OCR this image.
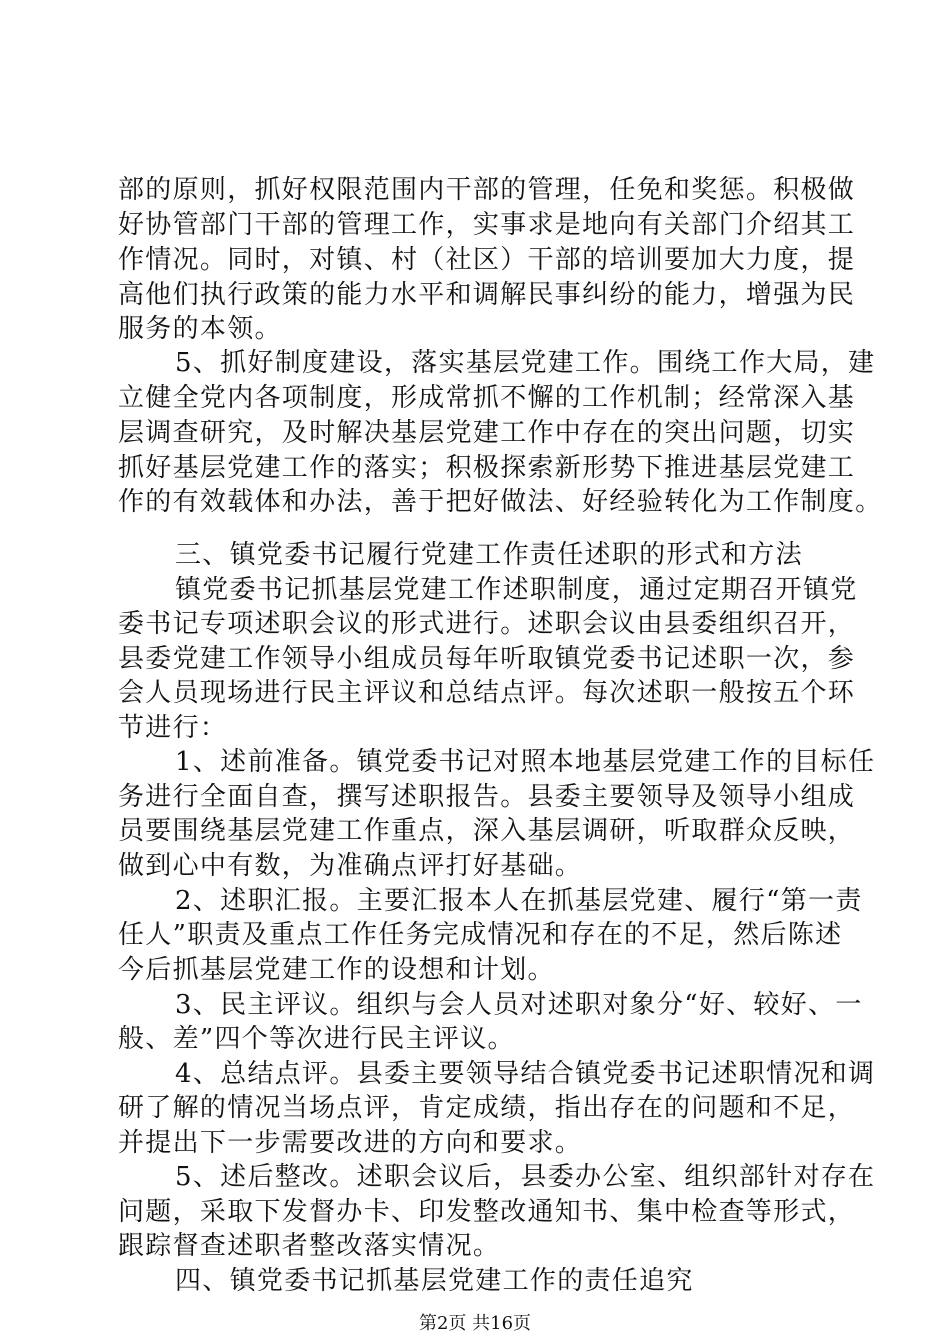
部的原则，抓好权限范围内干部的管理，任免和奖惩。积极做
好协管部门干部的管理工作，实事求是地向有关部门介绍其工
作情况。同时，对镇、村（社区）干部的培训要加大力度，提
高他们执行政策的能力水平和调解民事纠纷的能力，增强为民
服务的本领。
5、抓好制度建设，落实基层党建工作。围绕工作大局，建
立健全党内各项制度，形成常抓不懈的工作机制；经常深入基
层调查研究，及时解决基层党建工作中存在的突出问题，切实
抓好基层党建工作的落实；积极探索新形势下推进基层党建工
作的有效载体和办法，善于把好做法、好经验转化为工作制度。
三、镇党委书记履行党建工作责任述职的形式和方法
镇党委书记抓基层党建工作述职制度，通过定期召开镇党
委书记专项述职会议的形式进行。述职会议由县委组织召开，
县委党建工作领导小组成员每年听取镇党委书记述职一次，参
会人员现场进行民主评议和总结点评。每次述职一般按五个环
节进行：
1、述前准备。镇党委书记对照本地基层党建工作的目标任
务进行全面自查，撰写述职报告。县委主要领导及领导小组成
员要围绕基层党建工作重点，深入基层调研，听取群众反映，
做到心中有数，为准确点评打好基础。
2、述职汇报。主要汇报本人在抓基层党建、履行“第一责
任人”职责及重点工作任务完成情况和存在的不足，然后陈述
今后抓基层党建工作的设想和计划。
3、民主评议。组织与会人员对述职对象分“好、较好、一
般、差”四个等次进行民主评议。
4、总结点评。县委主要领导结合镇党委书记述职情况和调
研了解的情况当场点评，肯定成绩，指出存在的问题和不足，
并提出下一步需要改进的方向和要求。
5、述后整改。述职会议后，县委办公室、组织部针对存在
问题，采取下发督办卡、印发整改通知书、集中检查等形式，
跟踪督查述职者整改落实情况。
四、镇党委书记抓基层党建工作的责任追究
第2页 共16页
